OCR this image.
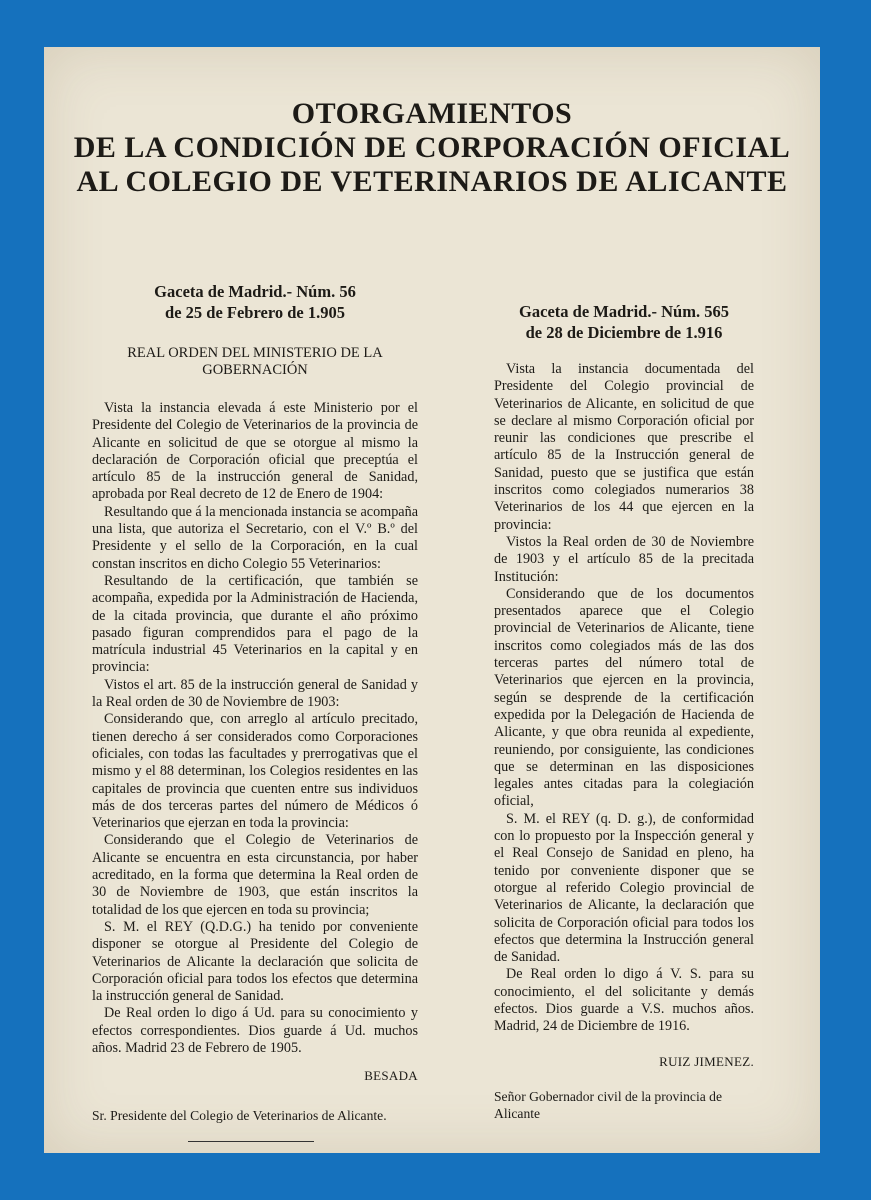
OTORGAMIENTOS
DE LA CONDICIÓN DE CORPORACIÓN OFICIAL
AL COLEGIO DE VETERINARIOS DE ALICANTE
Gaceta de Madrid.- Núm. 56
de 25 de Febrero de 1.905
REAL ORDEN DEL MINISTERIO DE LA
GOBERNACIÓN

Vista la instancia elevada á este Ministerio por el Presidente del Colegio de Veterinarios de la provincia de Alicante en solicitud de que se otorgue al mismo la declaración de Corporación oficial que preceptúa el artículo 85 de la instrucción general de Sanidad, aprobada por Real decreto de 12 de Enero de 1904:

Resultando que á la mencionada instancia se acompaña una lista, que autoriza el Secretario, con el V.º B.º del Presidente y el sello de la Corporación, en la cual constan inscritos en dicho Colegio 55 Veterinarios:

Resultando de la certificación, que también se acompaña, expedida por la Administración de Hacienda, de la citada provincia, que durante el año próximo pasado figuran comprendidos para el pago de la matrícula industrial 45 Veterinarios en la capital y en provincia:

Vistos el art. 85 de la instrucción general de Sanidad y la Real orden de 30 de Noviembre de 1903:

Considerando que, con arreglo al artículo precitado, tienen derecho á ser considerados como Corporaciones oficiales, con todas las facultades y prerrogativas que el mismo y el 88 determinan, los Colegios residentes en las capitales de provincia que cuenten entre sus individuos más de dos terceras partes del número de Médicos ó Veterinarios que ejerzan en toda la provincia:

Considerando que el Colegio de Veterinarios de Alicante se encuentra en esta circunstancia, por haber acreditado, en la forma que determina la Real orden de 30 de Noviembre de 1903, que están inscritos la totalidad de los que ejercen en toda su provincia;

S. M. el REY (Q.D.G.) ha tenido por conveniente disponer se otorgue al Presidente del Colegio de Veterinarios de Alicante la declaración que solicita de Corporación oficial para todos los efectos que determina la instrucción general de Sanidad.

De Real orden lo digo á Ud. para su conocimiento y efectos correspondientes. Dios guarde á Ud. muchos años. Madrid 23 de Febrero de 1905.

BESADA
Sr. Presidente del Colegio de Veterinarios de Alicante.
Gaceta de Madrid.- Núm. 565
de 28 de Diciembre de 1.916

Vista la instancia documentada del Presidente del Colegio provincial de Veterinarios de Alicante, en solicitud de que se declare al mismo Corporación oficial por reunir las condiciones que prescribe el artículo 85 de la Instrucción general de Sanidad, puesto que se justifica que están inscritos como colegiados numerarios 38 Veterinarios de los 44 que ejercen en la provincia:

Vistos la Real orden de 30 de Noviembre de 1903 y el artículo 85 de la precitada Institución:

Considerando que de los documentos presentados aparece que el Colegio provincial de Veterinarios de Alicante, tiene inscritos como colegiados más de las dos terceras partes del número total de Veterinarios que ejercen en la provincia, según se desprende de la certificación expedida por la Delegación de Hacienda de Alicante, y que obra reunida al expediente, reuniendo, por consiguiente, las condiciones que se determinan en las disposiciones legales antes citadas para la colegiación oficial,

S. M. el REY (q. D. g.), de conformidad con lo propuesto por la Inspección general y el Real Consejo de Sanidad en pleno, ha tenido por conveniente disponer que se otorgue al referido Colegio provincial de Veterinarios de Alicante, la declaración que solicita de Corporación oficial para todos los efectos que determina la Instrucción general de Sanidad.

De Real orden lo digo á V. S. para su conocimiento, el del solicitante y demás efectos. Dios guarde a V.S. muchos años. Madrid, 24 de Diciembre de 1916.

RUIZ JIMENEZ.
Señor Gobernador civil de la provincia de Alicante
